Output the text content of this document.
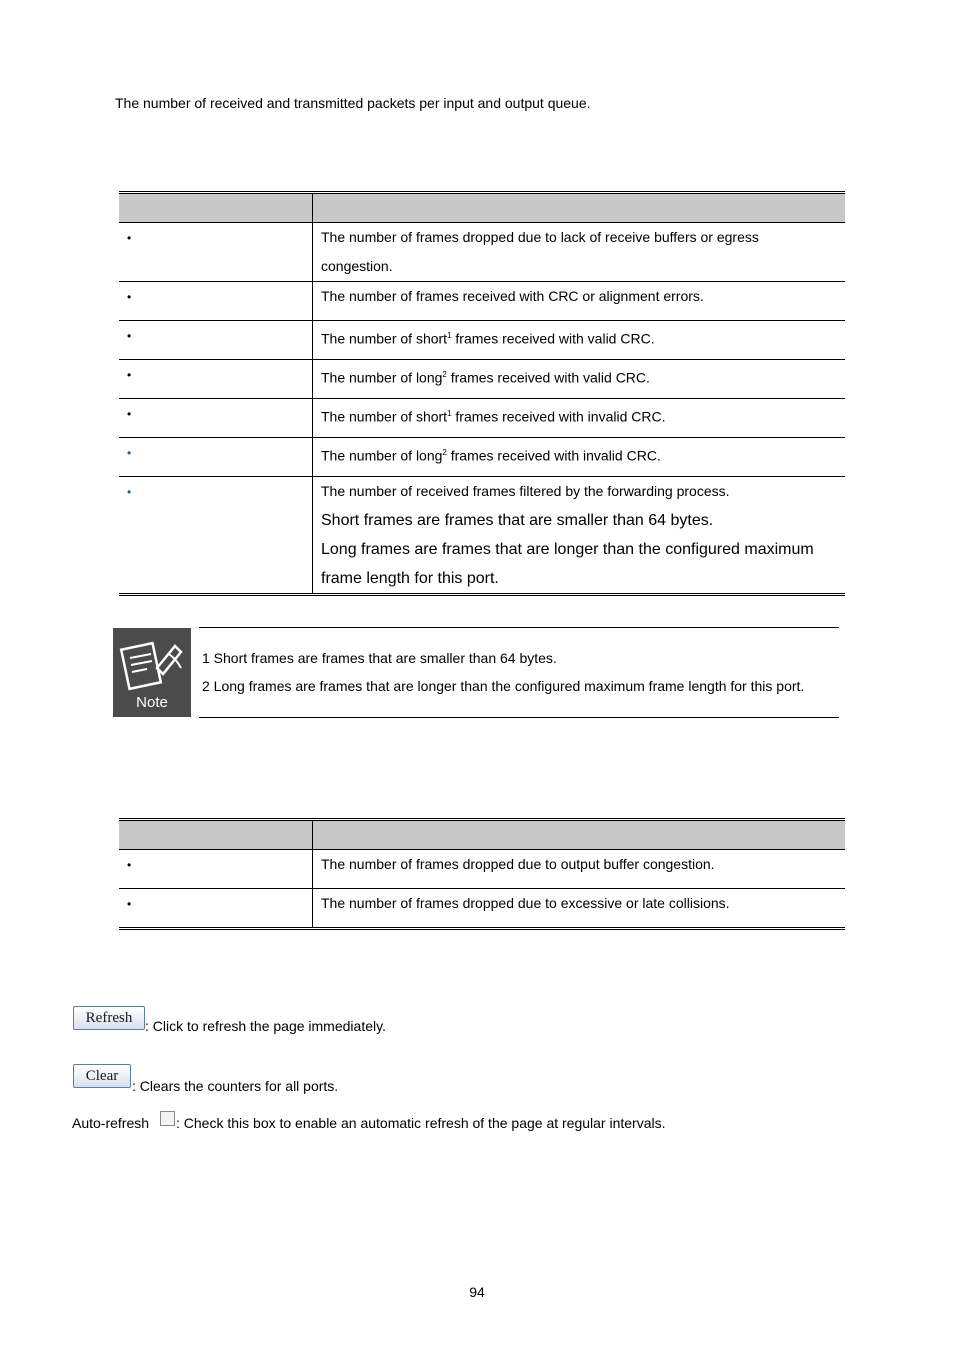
The number of received and transmitted packets per input and output queue.

•	The number of frames dropped due to lack of receive buffers or egress
congestion.

•	The number of frames received with CRC or alignment errors.
•	The number of short$^1$ frames received with valid CRC.
•	The number of long$^2$ frames received with valid CRC.
•	The number of short$^1$ frames received with invalid CRC.
•	The number of long$^2$ frames received with invalid CRC.
•	The number of received frames filtered by the forwarding process.
Short frames are frames that are smaller than 64 bytes.
Long frames are frames that are longer than the configured maximum
frame length for this port.
Note
1 Short frames are frames that are smaller than 64 bytes.
2 Long frames are frames that are longer than the configured maximum frame length for this port.

•	The number of frames dropped due to output buffer congestion.
•	The number of frames dropped due to excessive or late collisions.
Refresh : Click to refresh the page immediately.
Clear
: Clears the counters for all ports.
Auto-refresh : Check this box to enable an automatic refresh of the page at regular intervals.
94
